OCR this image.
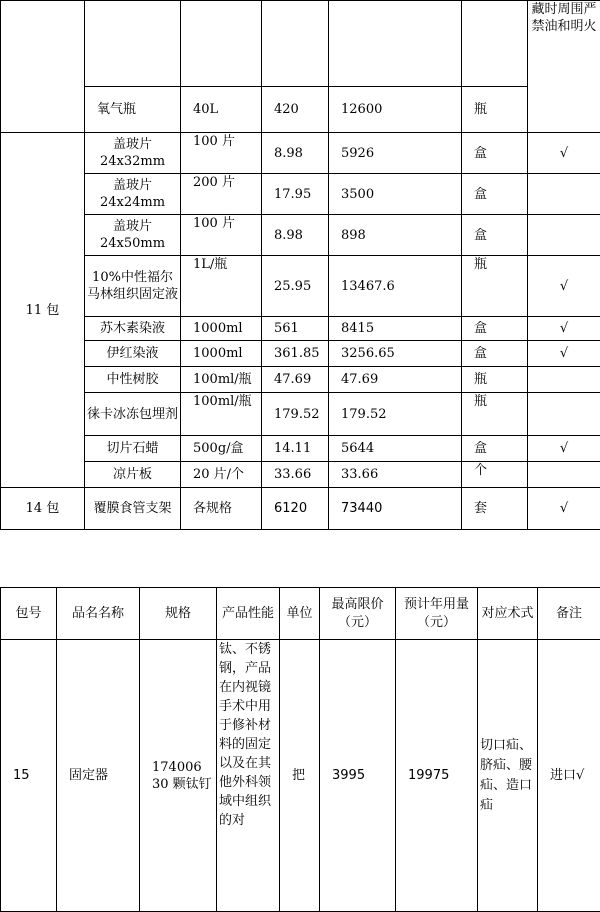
						藏时周围严禁油和明火
	氧气瓶	40L	420	12600	瓶	
11 包	盖玻片24x32mm	100 片	8.98	5926	盒	√
	盖玻片24x24mm	200 片	17.95	3500	盒	
	盖玻片24x50mm	100 片	8.98	898	盒	
	10%中性福尔马林组织固定液	1L/瓶	25.95	13467.6	瓶	√
	苏木素染液	1000ml	561	8415	盒	√
	伊红染液	1000ml	361.85	3256.65	盒	√
	中性树胶	100ml/瓶	47.69	47.69	瓶	
	徕卡冰冻包埋剂	100ml/瓶	179.52	179.52	瓶	
	切片石蜡	500g/盒	14.11	5644	盒	√
	凉片板	20 片/个	33.66	33.66	个	
14 包	覆膜食管支架	各规格	6120	73440	套	√
包号	品名名称	规格	产品性能	单位	最高限价（元）	预计年用量（元）	对应术式	备注
15	固定器	174006 30 颗钛钉	钛、不锈钢，产品在内视镜手术中用于修补材料的固定以及在其他外科领域中组织的对	把	3995	19975	切口疝、脐疝、腰疝、造口疝	进口√
